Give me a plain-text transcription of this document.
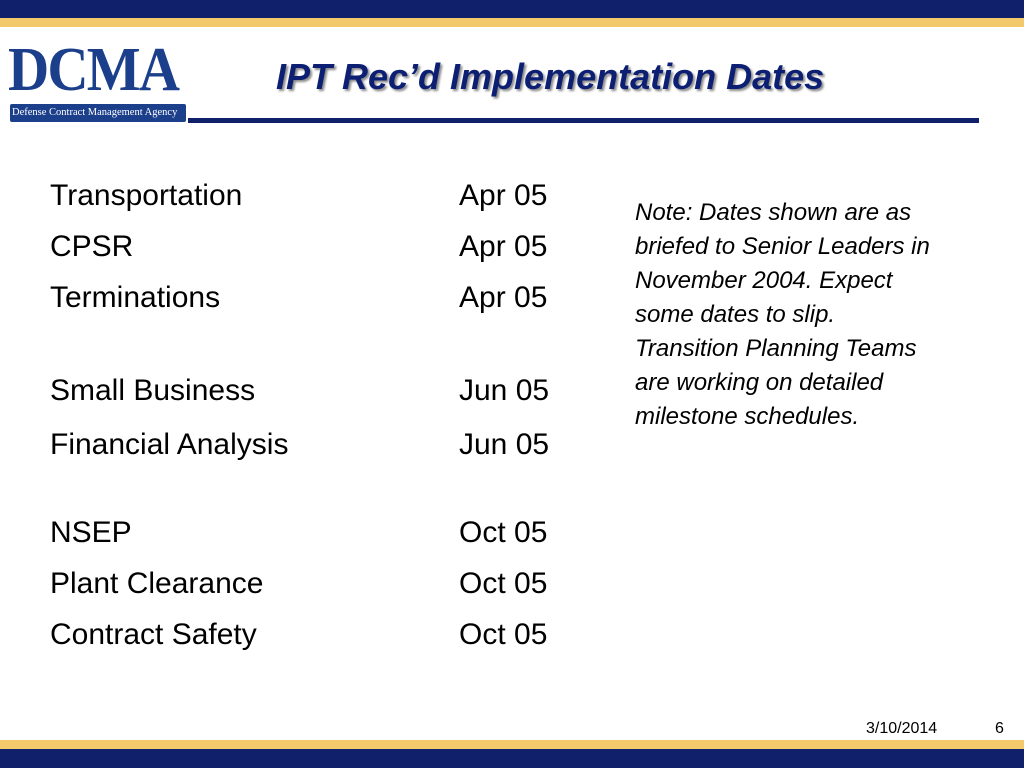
DCMA
Defense Contract Management Agency
IPT Rec’d Implementation Dates
Transportation	Apr 05
CPSR	Apr 05
Terminations	Apr 05
Small Business	Jun 05
Financial Analysis	Jun 05
NSEP	Oct 05
Plant Clearance	Oct 05
Contract Safety	Oct 05
Note: Dates shown are as
briefed to Senior Leaders in
November 2004. Expect
some dates to slip.
Transition Planning Teams
are working on detailed
milestone schedules.
3/10/2014	6
